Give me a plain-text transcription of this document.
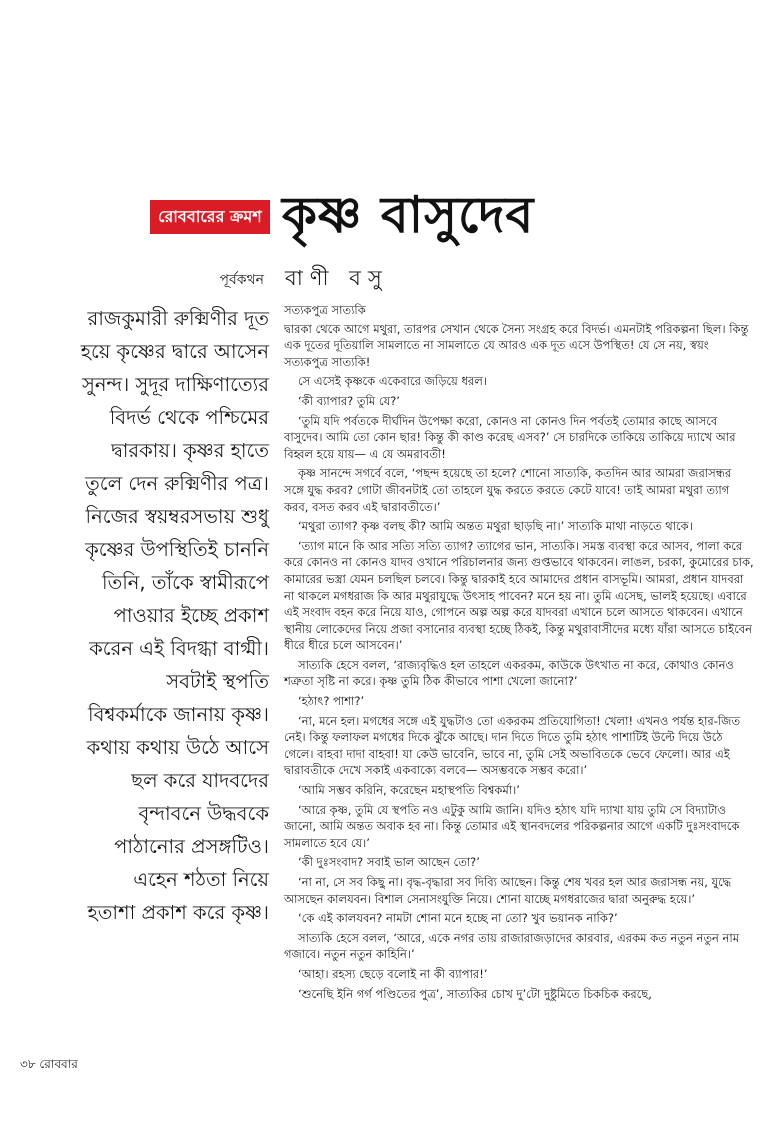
রোববারের ক্রমশ কৃষ্ণ বাসুদেব
পূর্বকথন বাণী বসু
রাজকুমারী রুক্মিণীর দূত
হয়ে কৃষ্ণের দ্বারে আসেন
সুনন্দ। সুদূর দাক্ষিণাত্যের
বিদর্ভ থেকে পশ্চিমের
দ্বারকায়। কৃষ্ণর হাতে
তুলে দেন রুক্মিণীর পত্র।
নিজের স্বয়ম্বরসভায় শুধু
কৃষ্ণের উপস্থিতিই চাননি
তিনি, তাঁকে স্বামীরূপে
পাওয়ার ইচ্ছে প্রকাশ
করেন এই বিদগ্ধা বাগ্মী।
সবটাই স্থপতি
বিশ্বকর্মাকে জানায় কৃষ্ণ।
কথায় কথায় উঠে আসে
ছল করে যাদবদের
বৃন্দাবনে উদ্ধবকে
পাঠানোর প্রসঙ্গটিও।
এহেন শঠতা নিয়ে
হতাশা প্রকাশ করে কৃষ্ণ।
সত্যকপুত্র সাত্যকি

দ্বারকা থেকে আগে মথুরা, তারপর সেখান থেকে সৈন্য সংগ্রহ করে বিদর্ভ। এমনটাই পরিকল্পনা ছিল। কিন্তু এক দূতের দূতিয়ালি সামলাতে না সামলাতে যে আরও এক দূত এসে উপস্থিত! যে সে নয়, স্বয়ং সত্যকপুত্র সাত্যকি!

সে এসেই কৃষ্ণকে একেবারে জড়িয়ে ধরল।

‘কী ব্যাপার? তুমি যে?’

‘তুমি যদি পর্বতকে দীর্ঘদিন উপেক্ষা করো, কোনও না কোনও দিন পর্বতই তোমার কাছে আসবে বাসুদেব। আমি তো কোন ছার! কিন্তু কী কাণ্ড করেছ এসব?’ সে চারদিকে তাকিয়ে তাকিয়ে দ্যাখে আর বিহ্বল হয়ে যায়— এ যে অমরাবতী!

কৃষ্ণ সানন্দে সগর্বে বলে, ‘পছন্দ হয়েছে তা হলে? শোনো সাত্যকি, কতদিন আর আমরা জরাসন্ধর সঙ্গে যুদ্ধ করব? গোটা জীবনটাই তো তাহলে যুদ্ধ করতে করতে কেটে যাবে! তাই আমরা মথুরা ত্যাগ করব, বসত করব এই দ্বারাবতীতে।’

‘মথুরা ত্যাগ? কৃষ্ণ বলছ কী? আমি অন্তত মথুরা ছাড়ছি না।’ সাত্যকি মাথা নাড়তে থাকে।

‘ত্যাগ মানে কি আর সত্যি সত্যি ত্যাগ? ত্যাগের ভান, সাত্যকি। সমস্ত ব্যবস্থা করে আসব, পালা করে করে কোনও না কোনও যাদব ওখানে পরিচালনার জন্য গুপ্তভাবে থাকবেন। লাঙল, চরকা, কুমোরের চাক, কামারের ভস্ত্রা যেমন চলছিল চলবে। কিন্তু দ্বারকাই হবে আমাদের প্রধান বাসভূমি। আমরা, প্রধান যাদবরা না থাকলে মগধরাজ কি আর মথুরাযুদ্ধে উৎসাহ পাবেন? মনে হয় না। তুমি এসেছ, ভালই হয়েছে। এবারে এই সংবাদ বহন করে নিয়ে যাও, গোপনে অল্প অল্প করে যাদবরা এখানে চলে আসতে থাকবেন। এখানে স্থানীয় লোকেদের নিয়ে প্রজা বসানোর ব্যবস্থা হচ্ছে ঠিকই, কিন্তু মথুরাবাসীদের মধ্যে যাঁরা আসতে চাইবেন ধীরে ধীরে চলে আসবেন।’

সাত্যকি হেসে বলল, ‘রাজ্যবৃদ্ধিও হল তাহলে একরকম, কাউকে উৎখাত না করে, কোথাও কোনও শত্রুতা সৃষ্টি না করে। কৃষ্ণ তুমি ঠিক কীভাবে পাশা খেলো জানো?’

‘হঠাৎ? পাশা?’

‘না, মনে হল। মগধের সঙ্গে এই যুদ্ধটাও তো একরকম প্রতিযোগিতা! খেলা! এখনও পর্যন্ত হার-জিত নেই। কিন্তু ফলাফল মগধের দিকে ঝুঁকে আছে। দান দিতে দিতে তুমি হঠাৎ পাশাটিই উল্টে দিয়ে উঠে গেলে। বাহবা দাদা বাহবা! যা কেউ ভাবেনি, ভাবে না, তুমি সেই অভাবিতকে ভেবে ফেলো। আর এই দ্বারাবতীকে দেখে সকাই একবাক্যে বলবে— অসম্ভবকে সম্ভব করো।’

‘আমি সম্ভব করিনি, করেছেন মহাস্থপতি বিশ্বকর্মা।’

‘আরে কৃষ্ণ, তুমি যে স্থপতি নও এটুকু আমি জানি। যদিও হঠাৎ যদি দ্যাখা যায় তুমি সে বিদ্যাটাও জানো, আমি অন্তত অবাক হব না। কিন্তু তোমার এই স্থানবদলের পরিকল্পনার আগে একটি দুঃসংবাদকে সামলাতে হবে যে।’

‘কী দুঃসংবাদ? সবাই ভাল আছেন তো?’

‘না না, সে সব কিছু না। বৃদ্ধ-বৃদ্ধারা সব দিব্যি আছেন। কিন্তু শেষ খবর হল আর জরাসন্ধ নয়, যুদ্ধে আসছেন কালযবন। বিশাল সেনাসংযুক্তি নিয়ে। শোনা যাচ্ছে মগধরাজের দ্বারা অনুরুদ্ধ হয়ে।’

‘কে এই কালযবন? নামটা শোনা মনে হচ্ছে না তো? খুব ভয়ানক নাকি?’

সাত্যকি হেসে বলল, ‘আরে, একে নগর তায় রাজারাজড়াদের কারবার, এরকম কত নতুন নতুন নাম গজাবে। নতুন নতুন কাহিনি।’

‘আহা। রহস্য ছেড়ে বলোই না কী ব্যাপার!’

‘শুনেছি ইনি গর্গ পণ্ডিতের পুত্র’, সাত্যকির চোখ দু’টো দুষ্টুমিতে চিকচিক করছে,

৩৮ রোববার
